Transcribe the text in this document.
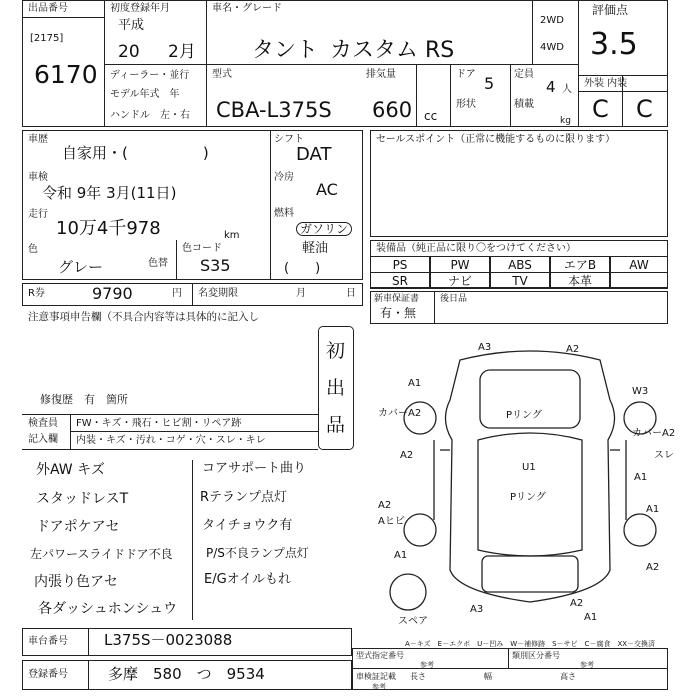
出品番号
[2175]
6170
初度登録年月
平成
20 2月
車名・グレード
タント カスタム RS
2WD
4WD
評価点
3.5
外装 内装
C C
ディーラー・並行
モデル年式　年
ハンドル　左・右
型式
CBA-L375S
排気量
660 cc
ドア 5 定員
4 人
形状	積載
kg
車歴
自家用・(　　　　　)
車検
令和 9年 3月(11日)
走行
10万4千978	km
色
グレー	色替
色コード
S35
シフト
DAT
冷房
AC
燃料
ガソリン
軽油
(　　)
セールスポイント（正常に機能するものに限ります）
R券	9790	円 名変期限	月	日
装備品（純正品に限り〇をつけてください）
PS	PW	ABS	エアB	AW
SR	ナビ	TV	本革
新車保証書
有・無
後日品
注意事項申告欄（不具合内容等は具体的に記入し
初
出
品
修復歴　有　箇所
検査員
記入欄
FW・キズ・飛石・ヒビ割・リペア跡
内装・キズ・汚れ・コゲ・穴・スレ・キレ
外AW キズ
スタッドレスT
ドアポケアセ
左パワースライドドア不良
内張り色アセ
各ダッシュホンシュウ
コアサポート曲り
Rテランプ点灯
タイチョウク有
P/S不良ランプ点灯
E/Gオイルもれ
A3	A2
A1
W3
カバーA2
カバーA2
スレ
U1
Pリング
Pリング
A2
Aヒビ
A1
A1
A2
A3
A2
A1
A2
A1
スペア
A－キズ　E－エクボ　U－凹み　W－補修跡　S－サビ　C－腐食　XX－交換済
車台番号 L375S－0023088
登録番号	多摩　580　つ　9534
型式指定番号
参考
類別区分番号
参考
車検証記載
参考
長さ	幅	高さ
